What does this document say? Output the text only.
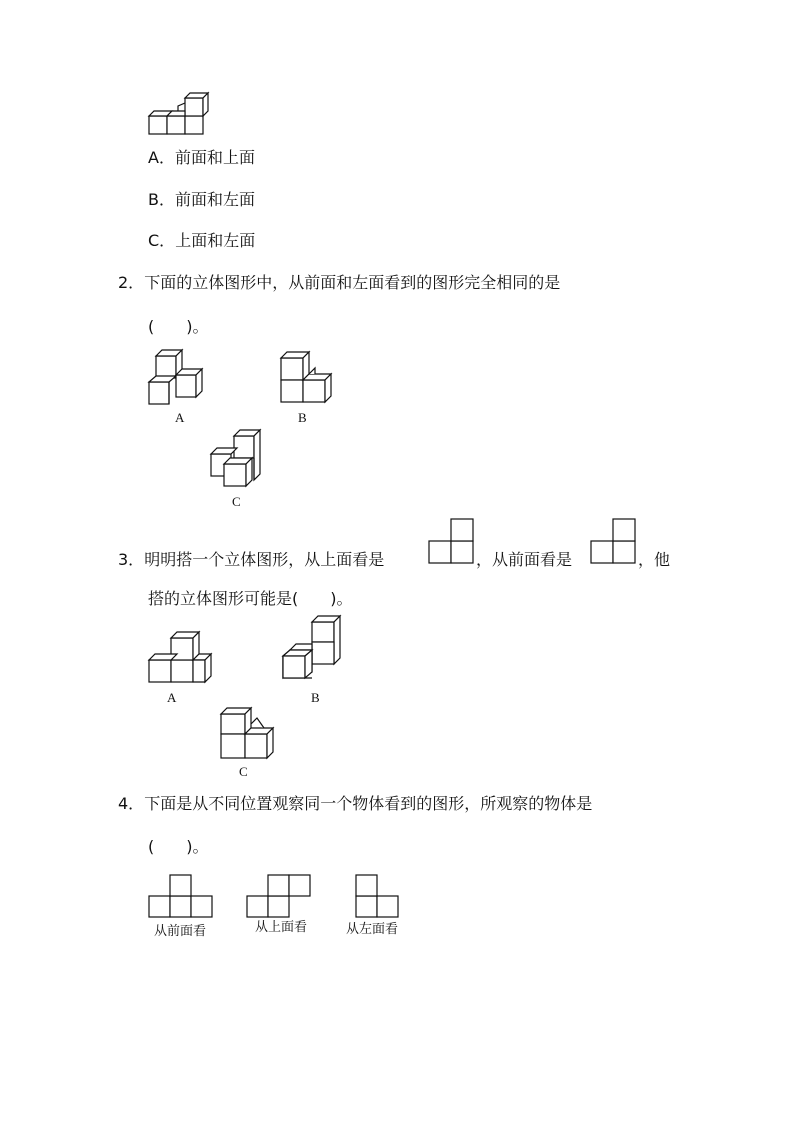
A．前面和上面
B．前面和左面
C．上面和左面
2．下面的立体图形中，从前面和左面看到的图形完全相同的是
(　　)。
A	B
C
3．明明搭一个立体图形，从上面看是	，从前面看是	，他
搭的立体图形可能是(　　)。
A	B
C
4．下面是从不同位置观察同一个物体看到的图形，所观察的物体是
(　　)。
从前面看	从上面看	从左面看
